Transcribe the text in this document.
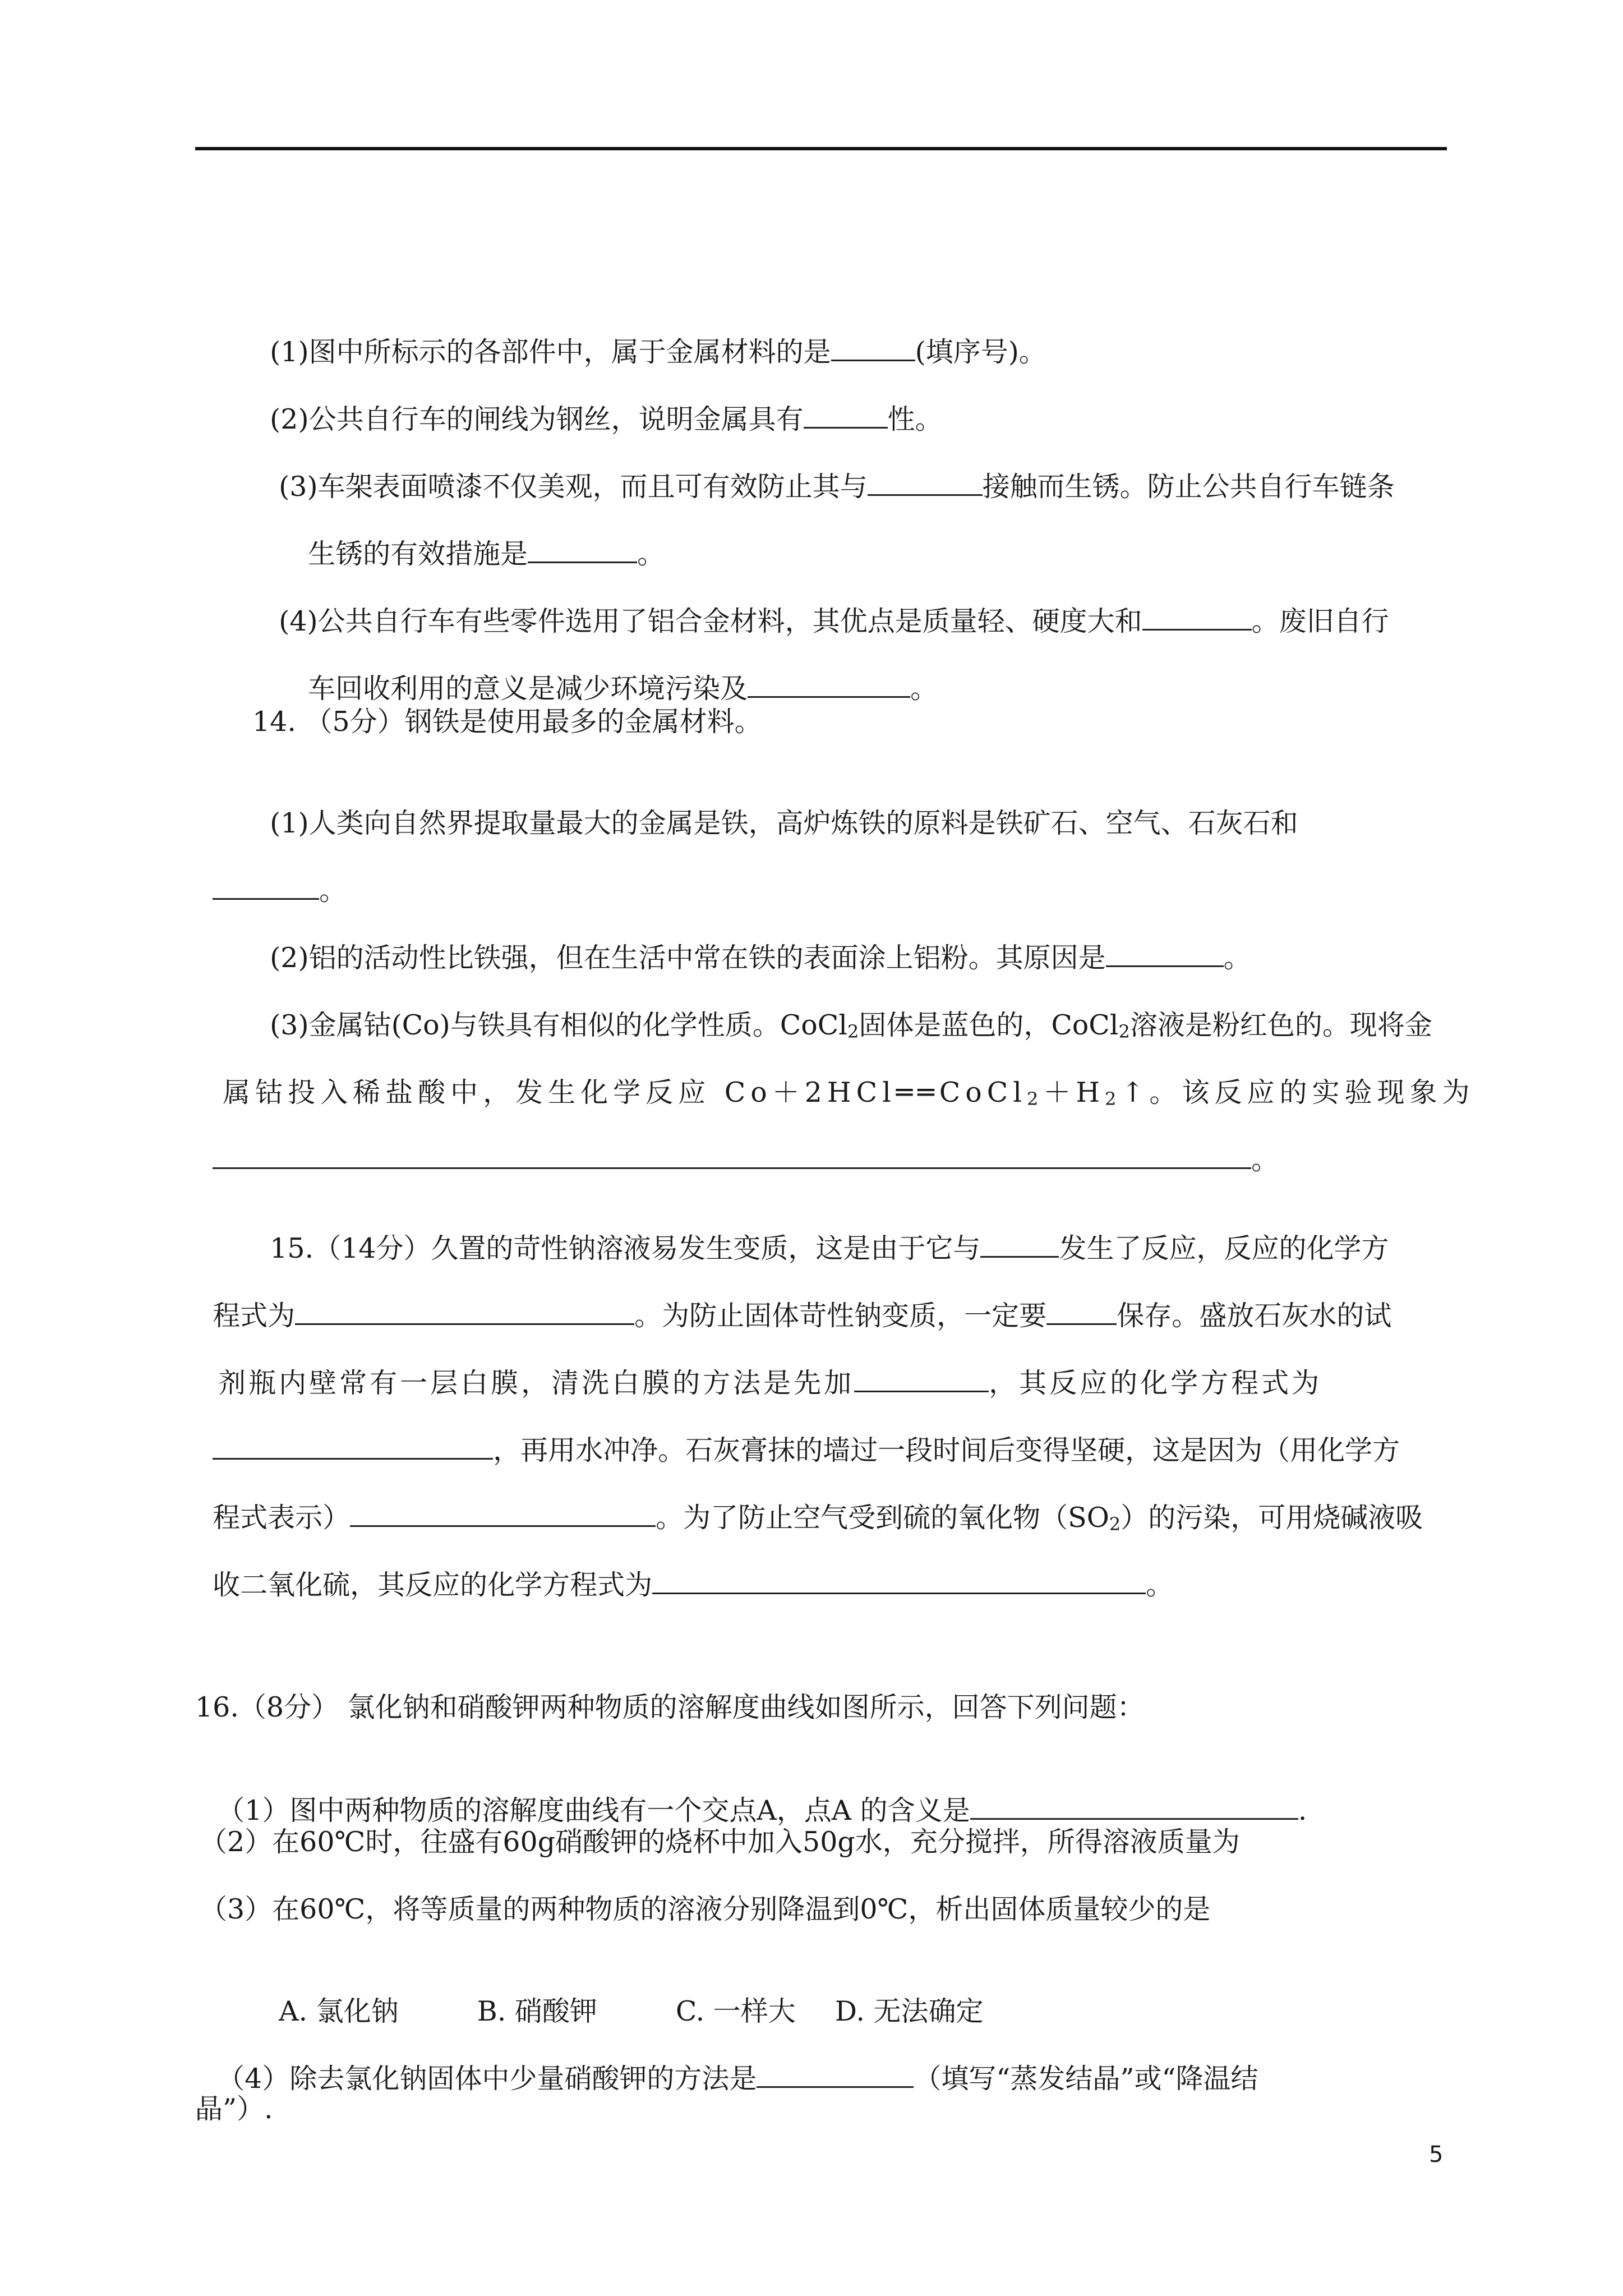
(1)图中所标示的各部件中，属于金属材料的是	(填序号)。

(2)公共自行车的闸线为钢丝，说明金属具有	性。

(3)车架表面喷漆不仅美观，而且可有效防止其与	接触而生锈。防止公共自行车链条

生锈的有效措施是	。

(4)公共自行车有些零件选用了铝合金材料，其优点是质量轻、硬度大和	。废旧自行

车回收利用的意义是减少环境污染及	。

14. （5分）钢铁是使用最多的金属材料。

(1)人类向自然界提取量最大的金属是铁，高炉炼铁的原料是铁矿石、空气、石灰石和

。

(2)铝的活动性比铁强，但在生活中常在铁的表面涂上铝粉。其原因是	。

(3)金属钴(Co)与铁具有相似的化学性质。CoCl$_2$固体是蓝色的，CoCl$_2$溶液是粉红色的。现将金

属钴投入稀盐酸中，发生化学反应 $Co+2HCl══CoCl_2+H_2↑$。该反应的实验现象为

。

15.（14分）久置的苛性钠溶液易发生变质，这是由于它与	发生了反应，反应的化学方

程式为	。为防止固体苛性钠变质，一定要	保存。盛放石灰水的试

剂瓶内壁常有一层白膜，清洗白膜的方法是先加	，其反应的化学方程式为

，再用水冲净。石灰膏抹的墙过一段时间后变得坚硬，这是因为（用化学方

程式表示）	。为了防止空气受到硫的氧化物$(SO_2)$的污染，可用烧碱液吸

收二氧化硫，其反应的化学方程式为	。

16.（8分） 氯化钠和硝酸钾两种物质的溶解度曲线如图所示，回答下列问题：

（1）图中两种物质的溶解度曲线有一个交点A，点A 的含义是	.

（2）在60℃时，往盛有60g硝酸钾的烧杯中加入50g水，充分搅拌，所得溶液质量为
（3）在60℃，将等质量的两种物质的溶液分别降温到0℃，析出固体质量较少的是

A. 氯化钠	B. 硝酸钾	C. 一样大 D. 无法确定

（4）除去氯化钠固体中少量硝酸钾的方法是	（填写“蒸发结晶”或“降温结

晶”）.
5
